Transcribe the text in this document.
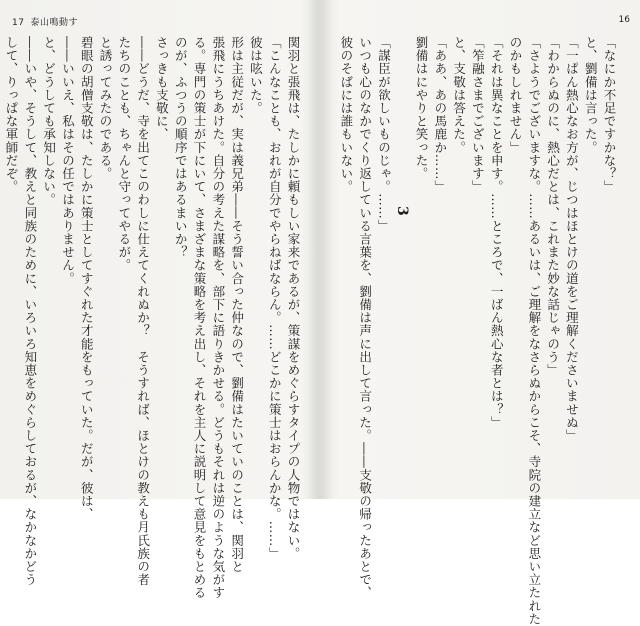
17 泰山鳴動す
関羽と張飛は、たしかに頼もしい家来であるが、策謀をめぐらすタイプの人物ではない。
「こんなことも、おれが自分でやらねばならん。……どこかに策士はおらんかな。……」
彼は呟いた。
形は主従だが、実は義兄弟――そう誓い合った仲なので、劉備はたいていのことは、関羽と
張飛にうちあけた。自分の考えた謀略を、部下に語りきかせる。どうもそれは逆のような気がす
る。専門の策士が下にいて、さまざまな策略を考え出し、それを主人に説明して意見をもとめる
のが、ふつうの順序ではあるまいか？
さっきも支敬に、
――どうだ、寺を出てこのわしに仕えてくれぬか？　そうすれば、ほとけの教えも月氏族の者
たちのことも、ちゃんと守ってやるが。
と誘ってみたのである。
碧眼の胡僧支敬は、たしかに策士としてすぐれた才能をもっていた。だが、彼は、
――いいえ、私はその任ではありません。
と、どうしても承知しない。
――いや、そうして、教えと同族のために、いろいろ知恵をめぐらしておるが、なかなかどう
して、りっぱな軍師だぞ。
16
「なにか不足ですかな？」
と、劉備は言った。
「一ぱん熱心なお方が、じつはほとけの道をご理解くださいませぬ」
「わからぬのに、熱心だとは、これまた妙な話じゃのう」
「さようでございますな。……あるいは、ご理解をなさらぬからこそ、寺院の建立など思い立たれた
のかもしれません」
「それは異なことを申す。……ところで、一ばん熱心な者とは？」
「笮融さまでございます」
と、支敬は答えた。
「ああ、あの馬鹿か……」
劉備はにやりと笑った。
3
「謀臣が欲しいものじゃ。……」
いつも心のなかでくり返している言葉を、劉備は声に出して言った。――支敬の帰ったあとで、
彼のそばには誰もいない。
